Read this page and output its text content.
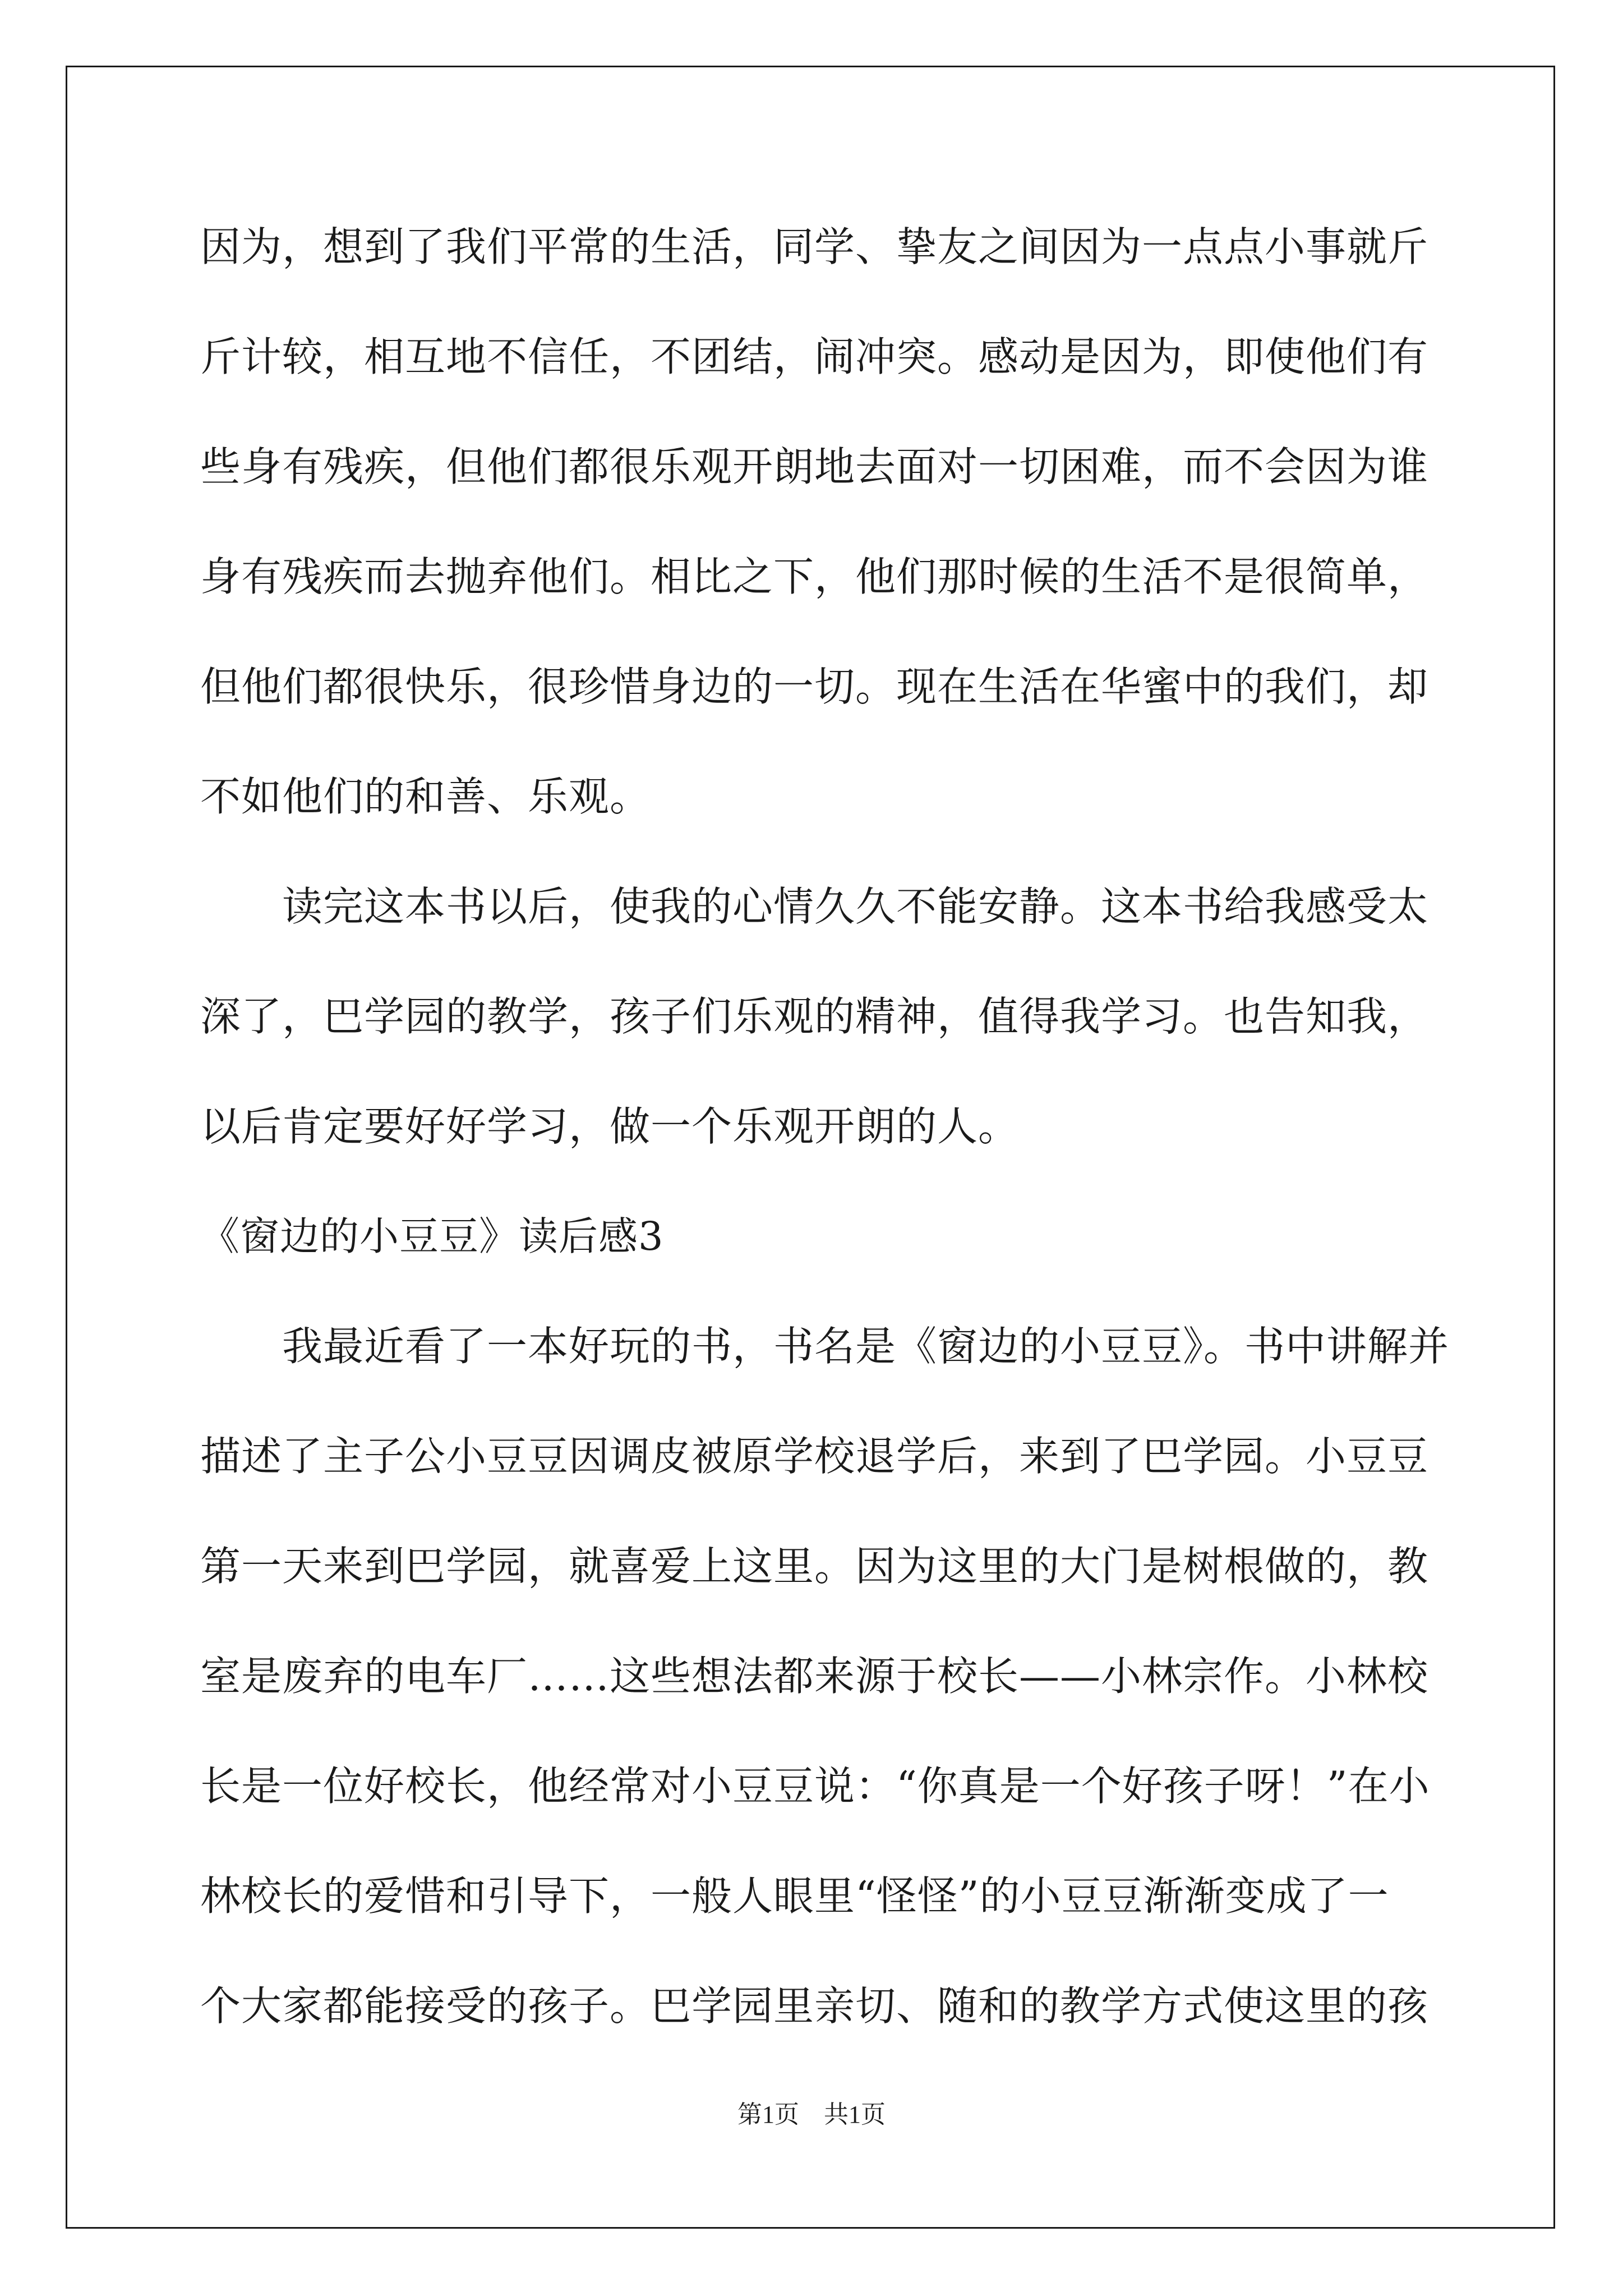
因为，想到了我们平常的生活，同学、挚友之间因为一点点小事就斤
斤计较，相互地不信任，不团结，闹冲突。感动是因为，即使他们有
些身有残疾，但他们都很乐观开朗地去面对一切困难，而不会因为谁
身有残疾而去抛弃他们。相比之下，他们那时候的生活不是很简单，
但他们都很快乐，很珍惜身边的一切。现在生活在华蜜中的我们，却
不如他们的和善、乐观。
　　读完这本书以后，使我的心情久久不能安静。这本书给我感受太
深了，巴学园的教学，孩子们乐观的精神，值得我学习。也告知我，
以后肯定要好好学习，做一个乐观开朗的人。
《窗边的小豆豆》读后感3
　　我最近看了一本好玩的书，书名是《窗边的小豆豆》。书中讲解并
描述了主子公小豆豆因调皮被原学校退学后，来到了巴学园。小豆豆
第一天来到巴学园，就喜爱上这里。因为这里的大门是树根做的，教
室是废弃的电车厂……这些想法都来源于校长——小林宗作。小林校
长是一位好校长，他经常对小豆豆说：“你真是一个好孩子呀！”在小
林校长的爱惜和引导下，一般人眼里“怪怪”的小豆豆渐渐变成了一
个大家都能接受的孩子。巴学园里亲切、随和的教学方式使这里的孩
第1页　共1页
